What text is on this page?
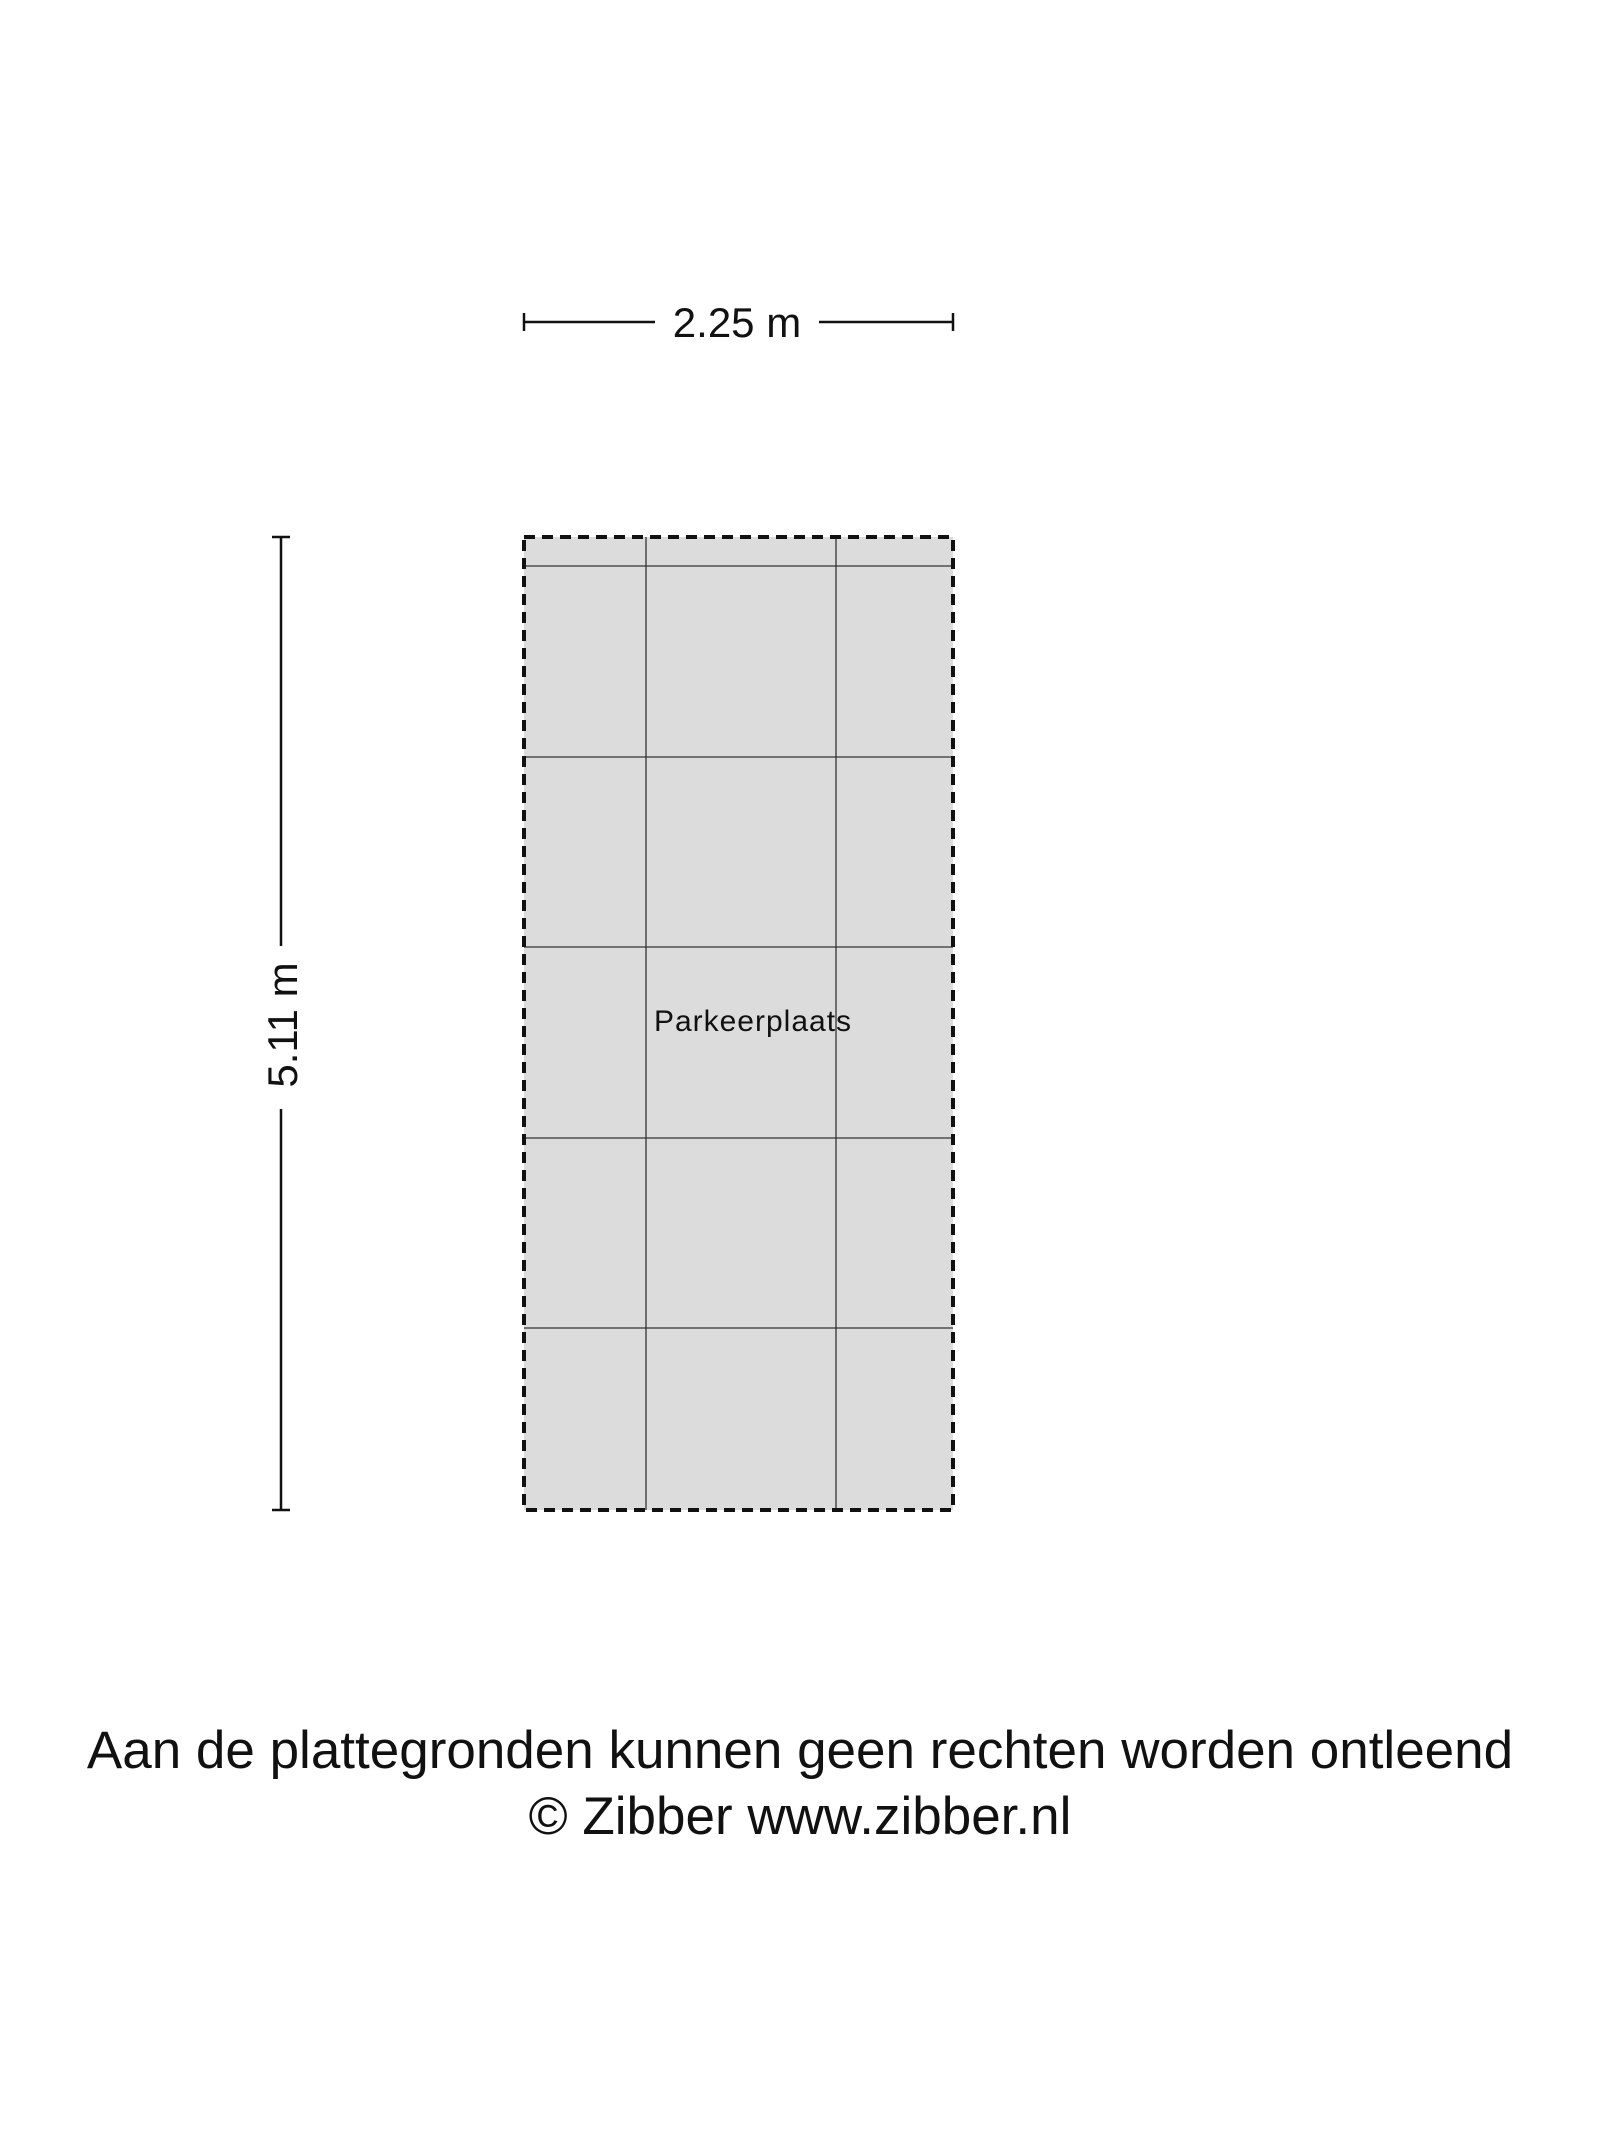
2.25 m
5.11 m	Parkeerplaats
Aan de plattegronden kunnen geen rechten worden ontleend
© Zibber www.zibber.nl
